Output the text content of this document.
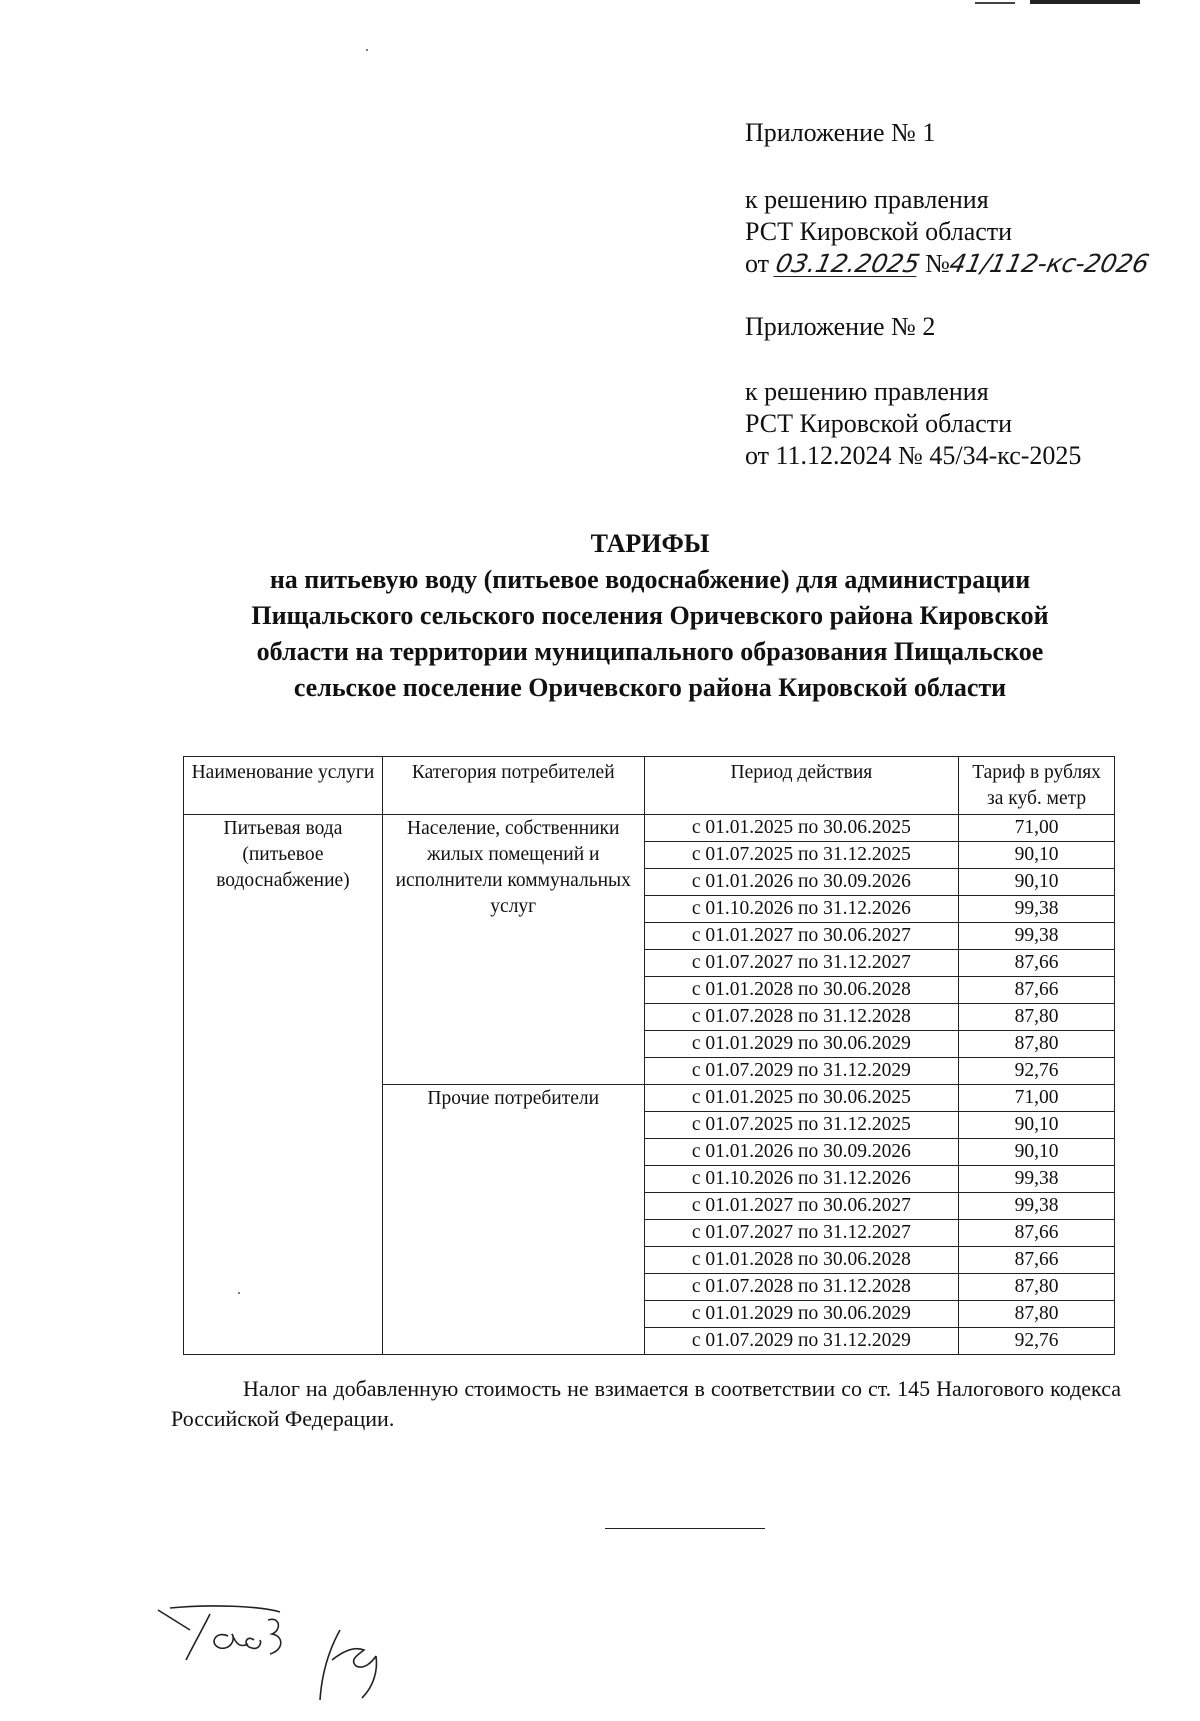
Приложение № 1
к решению правления
РСТ Кировской области
от 03.12.2025 №41/112-кс-2026
Приложение № 2
к решению правления
РСТ Кировской области
от 11.12.2024 № 45/34-кс-2025
ТАРИФЫ
на питьевую воду (питьевое водоснабжение) для администрации
Пищальского сельского поселения Оричевского района Кировской
области на территории муниципального образования Пищальское
сельское поселение Оричевского района Кировской области
Наименование услуги	Категория потребителей	Период действия	Тариф в рублях за куб. метр
Питьевая вода (питьевое водоснабжение)	Население, собственники жилых помещений и исполнители коммунальных услуг	с 01.01.2025 по 30.06.2025	71,00
		с 01.07.2025 по 31.12.2025	90,10
		с 01.01.2026 по 30.09.2026	90,10
		с 01.10.2026 по 31.12.2026	99,38
		с 01.01.2027 по 30.06.2027	99,38
		с 01.07.2027 по 31.12.2027	87,66
		с 01.01.2028 по 30.06.2028	87,66
		с 01.07.2028 по 31.12.2028	87,80
		с 01.01.2029 по 30.06.2029	87,80
		с 01.07.2029 по 31.12.2029	92,76
	Прочие потребители	с 01.01.2025 по 30.06.2025	71,00
		с 01.07.2025 по 31.12.2025	90,10
		с 01.01.2026 по 30.09.2026	90,10
		с 01.10.2026 по 31.12.2026	99,38
		с 01.01.2027 по 30.06.2027	99,38
		с 01.07.2027 по 31.12.2027	87,66
		с 01.01.2028 по 30.06.2028	87,66
		с 01.07.2028 по 31.12.2028	87,80
		с 01.01.2029 по 30.06.2029	87,80
		с 01.07.2029 по 31.12.2029	92,76
Налог на добавленную стоимость не взимается в соответствии со ст. 145 Налогового кодекса Российской Федерации.
